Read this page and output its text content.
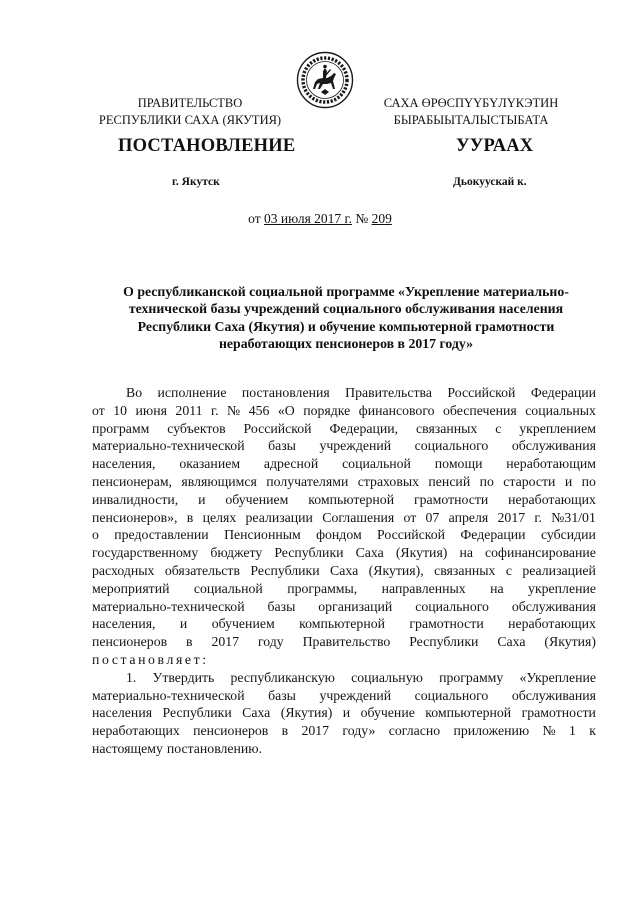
ПРАВИТЕЛЬСТВО
РЕСПУБЛИКИ САХА (ЯКУТИЯ)
САХА ӨРӨСПҮҮБҮЛҮКЭТИН
БЫРАБЫЫТАЛЫСТЫБАТА
ПОСТАНОВЛЕНИЕ	УУРААХ
г. Якутск	Дьокуускай к.
от 03 июля 2017 г. № 209
О республиканской социальной программе «Укрепление материально-
технической базы учреждений социального обслуживания населения
Республики Саха (Якутия) и обучение компьютерной грамотности
неработающих пенсионеров в 2017 году»
Во исполнение постановления Правительства Российской Федерации
от 10 июня 2011 г. № 456 «О порядке финансового обеспечения социальных
программ субъектов Российской Федерации, связанных с укреплением
материально-технической базы учреждений социального обслуживания
населения, оказанием адресной социальной помощи неработающим
пенсионерам, являющимся получателями страховых пенсий по старости и по
инвалидности, и обучением компьютерной грамотности неработающих
пенсионеров», в целях реализации Соглашения от 07 апреля 2017 г. №31/01
о предоставлении Пенсионным фондом Российской Федерации субсидии
государственному бюджету Республики Саха (Якутия) на софинансирование
расходных обязательств Республики Саха (Якутия), связанных с реализацией
мероприятий социальной программы, направленных на укрепление
материально-технической базы организаций социального обслуживания
населения, и обучением компьютерной грамотности неработающих
пенсионеров в 2017 году Правительство Республики Саха (Якутия)
постановляет:
1. Утвердить республиканскую социальную программу «Укрепление
материально-технической базы учреждений социального обслуживания
населения Республики Саха (Якутия) и обучение компьютерной грамотности
неработающих пенсионеров в 2017 году» согласно приложению № 1 к
настоящему постановлению.
